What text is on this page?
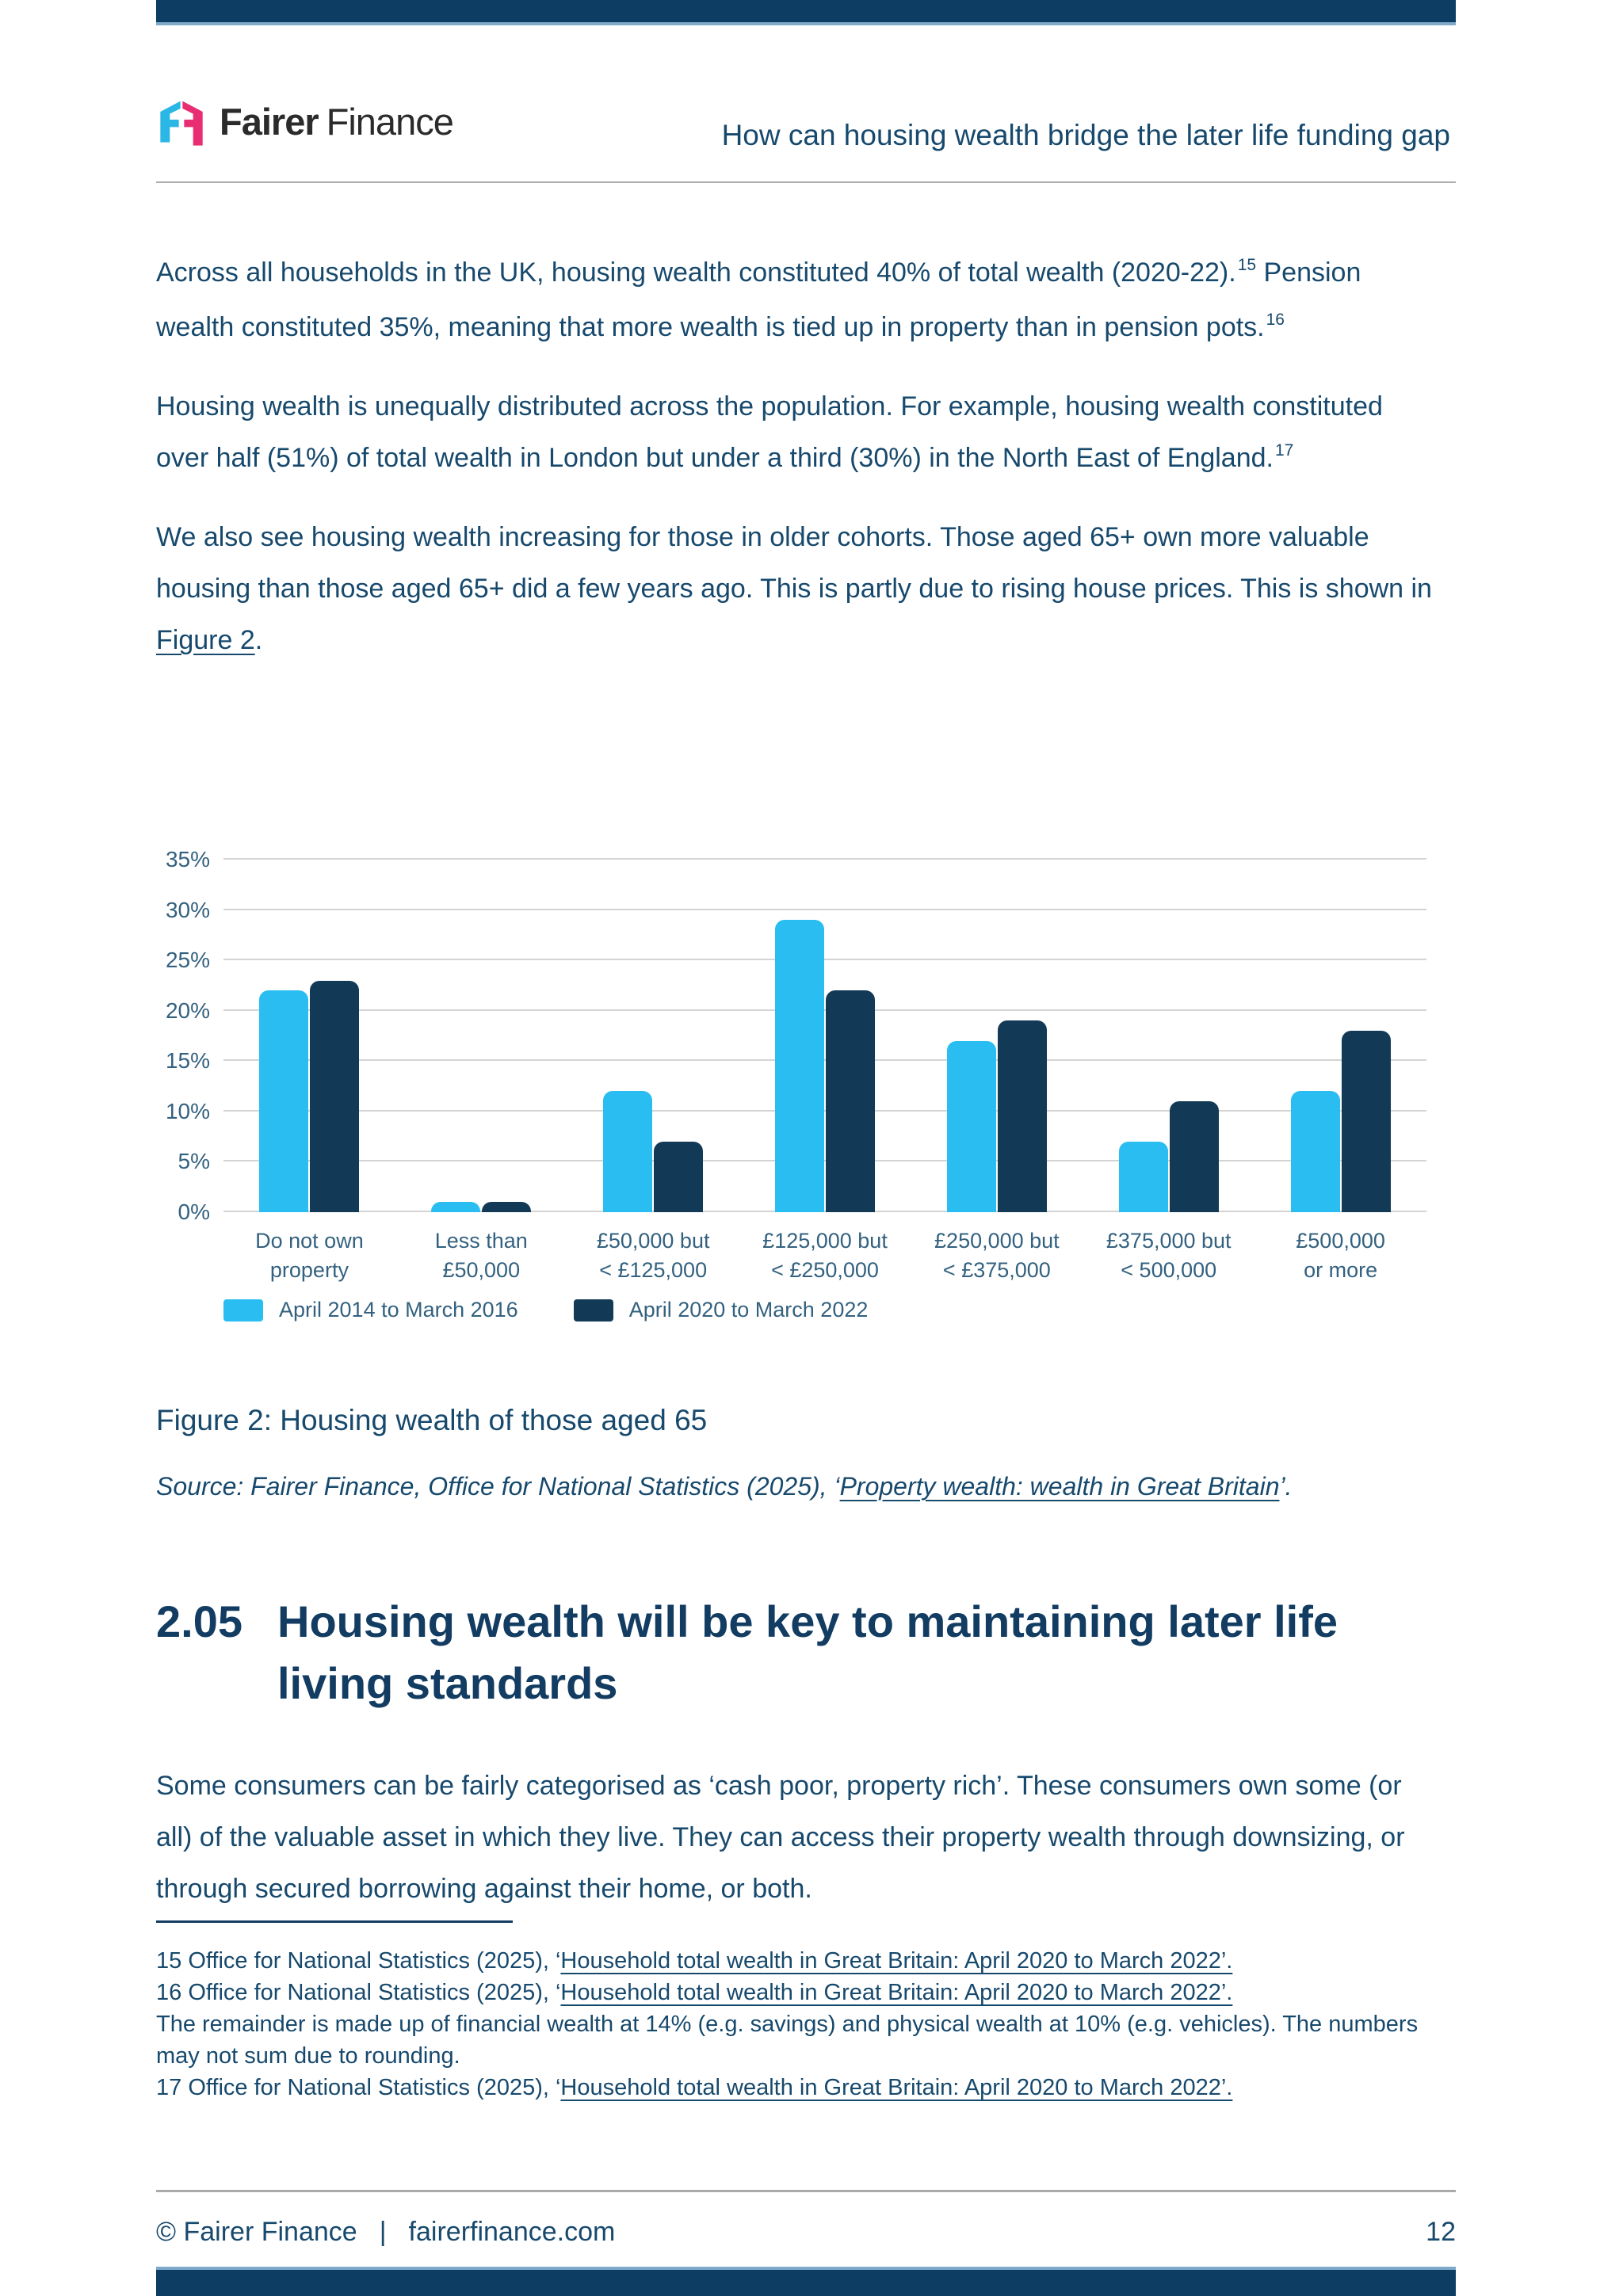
Fairer Finance	How can housing wealth bridge the later life funding gap

Across all households in the UK, housing wealth constituted 40% of total wealth (2020-22).$^{15}$ Pension wealth constituted 35%, meaning that more wealth is tied up in property than in pension pots.$^{16}$

Housing wealth is unequally distributed across the population. For example, housing wealth constituted over half (51%) of total wealth in London but under a third (30%) in the North East of England.$^{17}$

We also see housing wealth increasing for those in older cohorts. Those aged 65+ own more valuable housing than those aged 65+ did a few years ago. This is partly due to rising house prices. This is shown in Figure 2.

0%
5%
10%
15%
20%
25%
30%
35%
Do not own property
Less than
£50,000
£50,000 but
< £125,000
£125,000 but
< £250,000
£250,000 but
< £375,000
£375,000 but
< 500,000
£500,000
or more
April 2014 to March 2016	April 2020 to March 2022
Figure 2: Housing wealth of those aged 65
Source: Fairer Finance, Office for National Statistics (2025), ‘Property wealth: wealth in Great Britain’.
2.05 Housing wealth will be key to maintaining later life living standards

Some consumers can be fairly categorised as ‘cash poor, property rich’. These consumers own some (or all) of the valuable asset in which they live. They can access their property wealth through downsizing, or through secured borrowing against their home, or both.

15 Office for National Statistics (2025), ‘Household total wealth in Great Britain: April 2020 to March 2022’.
16 Office for National Statistics (2025), ‘Household total wealth in Great Britain: April 2020 to March 2022’.
The remainder is made up of financial wealth at 14% (e.g. savings) and physical wealth at 10% (e.g. vehicles). The numbers may not sum due to rounding.
17 Office for National Statistics (2025), ‘Household total wealth in Great Britain: April 2020 to March 2022’.
© Fairer Finance | fairerfinance.com	12
